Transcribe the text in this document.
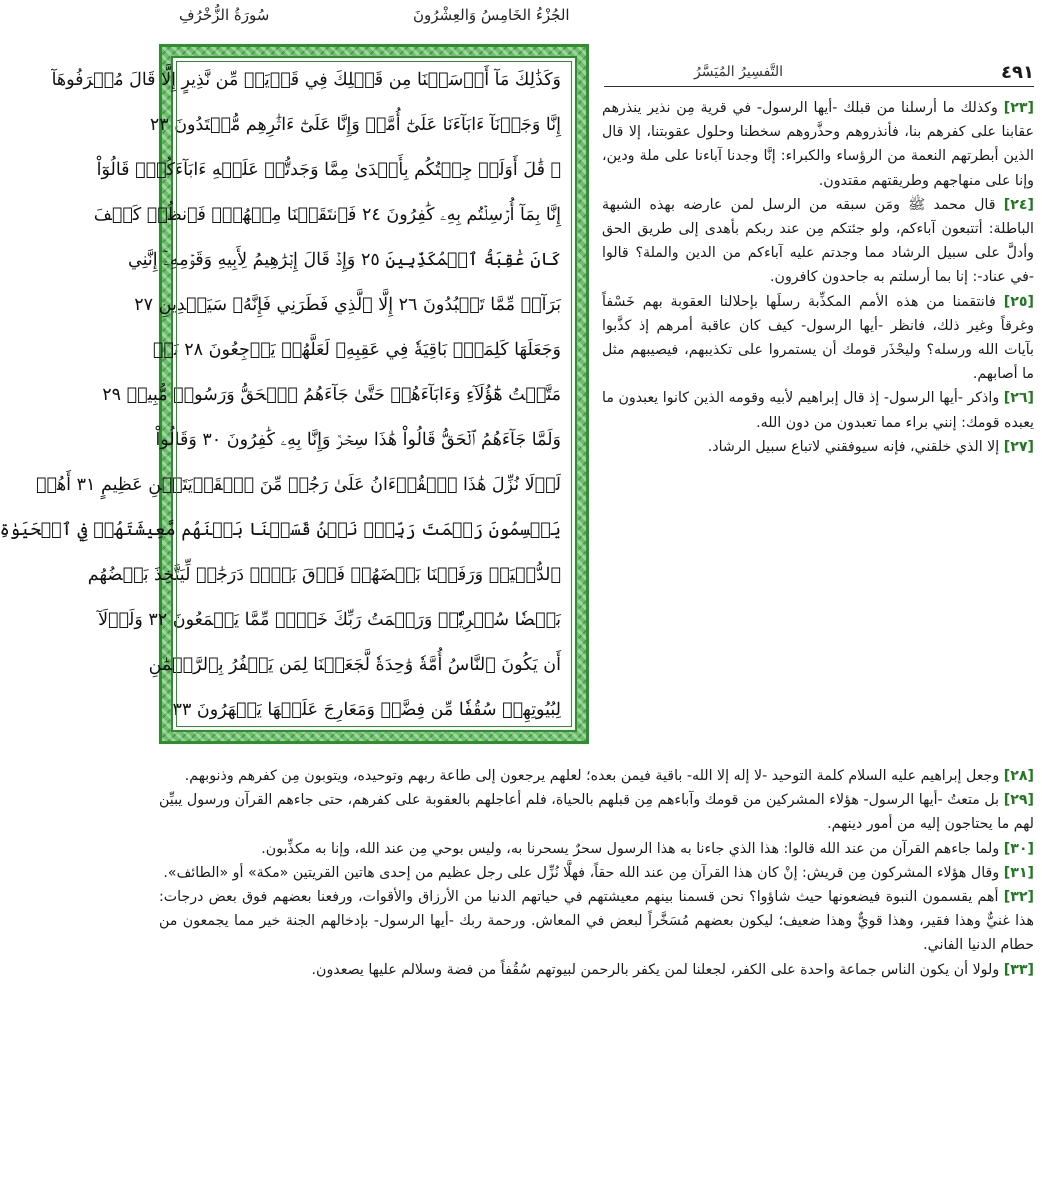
سُورَةُ الزُّخْرُفِ	الجُزْءُ الخَامِسُ وَالعِشْرُونَ
وَكَذَٰلِكَ مَآ أَرۡسَلۡنَا مِن قَبۡلِكَ فِي قَرۡيَةٖ مِّن نَّذِيرٍ إِلَّا قَالَ مُتۡرَفُوهَآ
إِنَّا وَجَدۡنَآ ءَابَآءَنَا عَلَىٰٓ أُمَّةٖ وَإِنَّا عَلَىٰٓ ءَاثَٰرِهِم مُّقۡتَدُونَ ٢٣
۞ قَٰلَ أَوَلَوۡ جِئۡتُكُم بِأَهۡدَىٰ مِمَّا وَجَدتُّمۡ عَلَيۡهِ ءَابَآءَكُمۡۖ قَالُوٓاْ
إِنَّا بِمَآ أُرۡسِلۡتُم بِهِۦ كَٰفِرُونَ ٢٤ فَٱنتَقَمۡنَا مِنۡهُمۡۖ فَٱنظُرۡ كَيۡفَ
كَانَ عَٰقِبَةُ ٱلۡمُكَذِّبِينَ ٢٥ وَإِذۡ قَالَ إِبۡرَٰهِيمُ لِأَبِيهِ وَقَوۡمِهِۦٓ إِنَّنِي
بَرَآءٞ مِّمَّا تَعۡبُدُونَ ٢٦ إِلَّا ٱلَّذِي فَطَرَنِي فَإِنَّهُۥ سَيَهۡدِينِ ٢٧
وَجَعَلَهَا كَلِمَةَۢ بَاقِيَةٗ فِي عَقِبِهِۦ لَعَلَّهُمۡ يَرۡجِعُونَ ٢٨ بَلۡ
مَتَّعۡتُ هَٰٓؤُلَآءِ وَءَابَآءَهُمۡ حَتَّىٰ جَآءَهُمُ ٱلۡحَقُّ وَرَسُولٞ مُّبِينٞ ٢٩
وَلَمَّا جَآءَهُمُ ٱلۡحَقُّ قَالُواْ هَٰذَا سِحۡرٞ وَإِنَّا بِهِۦ كَٰفِرُونَ ٣٠ وَقَالُواْ
لَوۡلَا نُزِّلَ هَٰذَا ٱلۡقُرۡءَانُ عَلَىٰ رَجُلٖ مِّنَ ٱلۡقَرۡيَتَيۡنِ عَظِيمٍ ٣١ أَهُمۡ
يَقۡسِمُونَ رَحۡمَتَ رَبِّكَۚ نَحۡنُ قَسَمۡنَا بَيۡنَهُم مَّعِيشَتَهُمۡ فِي ٱلۡحَيَوٰةِ
ٱلدُّنۡيَاۚ وَرَفَعۡنَا بَعۡضَهُمۡ فَوۡقَ بَعۡضٖ دَرَجَٰتٖ لِّيَتَّخِذَ بَعۡضُهُم
بَعۡضٗا سُخۡرِيّٗاۗ وَرَحۡمَتُ رَبِّكَ خَيۡرٞ مِّمَّا يَجۡمَعُونَ ٣٢ وَلَوۡلَآ
أَن يَكُونَ ٱلنَّاسُ أُمَّةٗ وَٰحِدَةٗ لَّجَعَلۡنَا لِمَن يَكۡفُرُ بِٱلرَّحۡمَٰنِ
لِبُيُوتِهِمۡ سُقُفٗا مِّن فِضَّةٖ وَمَعَارِجَ عَلَيۡهَا يَظۡهَرُونَ ٣٣
٤٩١
التَّفسِيرُ المُيَسَّرُ

[٢٣] وكذلك ما أرسلنا من قبلك -أيها الرسول- في قرية مِن نذير ينذرهم عقابنا على كفرهم بنا، فأنذروهم وحذَّروهم سخطنا وحلول عقوبتنا، إلا قال الذين أبطرتهم النعمة من الرؤساء والكبراء: إنَّا وجدنا آباءنا على ملة ودين، وإنا على منهاجهم وطريقتهم مقتدون.

[٢٤] قال محمد ﷺ ومَن سبقه من الرسل لمن عارضه بهذه الشبهة الباطلة: أتتبعون آباءكم، ولو جئتكم مِن عند ربكم بأهدى إلى طريق الحق وأدلَّ على سبيل الرشاد مما وجدتم عليه آباءكم من الدين والملة؟ قالوا -في عناد-: إنا بما أرسلتم به جاحدون كافرون.

[٢٥] فانتقمنا من هذه الأمم المكذِّبة رسلَها بإحلالنا العقوبة بهم خَسْفاً وغرقاً وغير ذلك، فانظر -أيها الرسول- كيف كان عاقبة أمرهم إذ كذَّبوا بآيات الله ورسله؟ وليحْذَر قومك أن يستمروا على تكذيبهم، فيصيبهم مثل ما أصابهم.

[٢٦] واذكر -أيها الرسول- إذ قال إبراهيم لأبيه وقومه الذين كانوا يعبدون ما يعبده قومك: إنني براء مما تعبدون من دون الله.

[٢٧] إلا الذي خلقني، فإنه سيوفقني لاتباع سبيل الرشاد.

[٢٨] وجعل إبراهيم عليه السلام كلمة التوحيد -لا إله إلا الله- باقية فيمن بعده؛ لعلهم يرجعون إلى طاعة ربهم وتوحيده، ويتوبون مِن كفرهم وذنوبهم.

[٢٩] بل متعتُ -أيها الرسول- هؤلاء المشركين من قومك وآباءهم مِن قبلهم بالحياة، فلم أعاجلهم بالعقوبة على كفرهم، حتى جاءهم القرآن ورسول يبيِّن لهم ما يحتاجون إليه من أمور دينهم.

[٣٠] ولما جاءهم القرآن من عند الله قالوا: هذا الذي جاءنا به هذا الرسول سحرٌ يسحرنا به، وليس بوحي مِن عند الله، وإنا به مكذِّبون.

[٣١] وقال هؤلاء المشركون مِن قريش: إنْ كان هذا القرآن مِن عند الله حقاً، فهلَّا نُزِّل على رجل عظيم من إحدى هاتين القريتين «مكة» أو «الطائف».

[٣٢] أهم يقسمون النبوة فيضعونها حيث شاؤوا؟ نحن قسمنا بينهم معيشتهم في حياتهم الدنيا من الأرزاق والأقوات، ورفعنا بعضهم فوق بعض درجات: هذا غنيٌّ وهذا فقير، وهذا قويٌّ وهذا ضعيف؛ ليكون بعضهم مُسَخَّراً لبعض في المعاش. ورحمة ربك -أيها الرسول- بإدخالهم الجنة خير مما يجمعون من حطام الدنيا الفاني.

[٣٣] ولولا أن يكون الناس جماعة واحدة على الكفر، لجعلنا لمن يكفر بالرحمن لبيوتهم سُقُفاً من فضة وسلالم عليها يصعدون.
